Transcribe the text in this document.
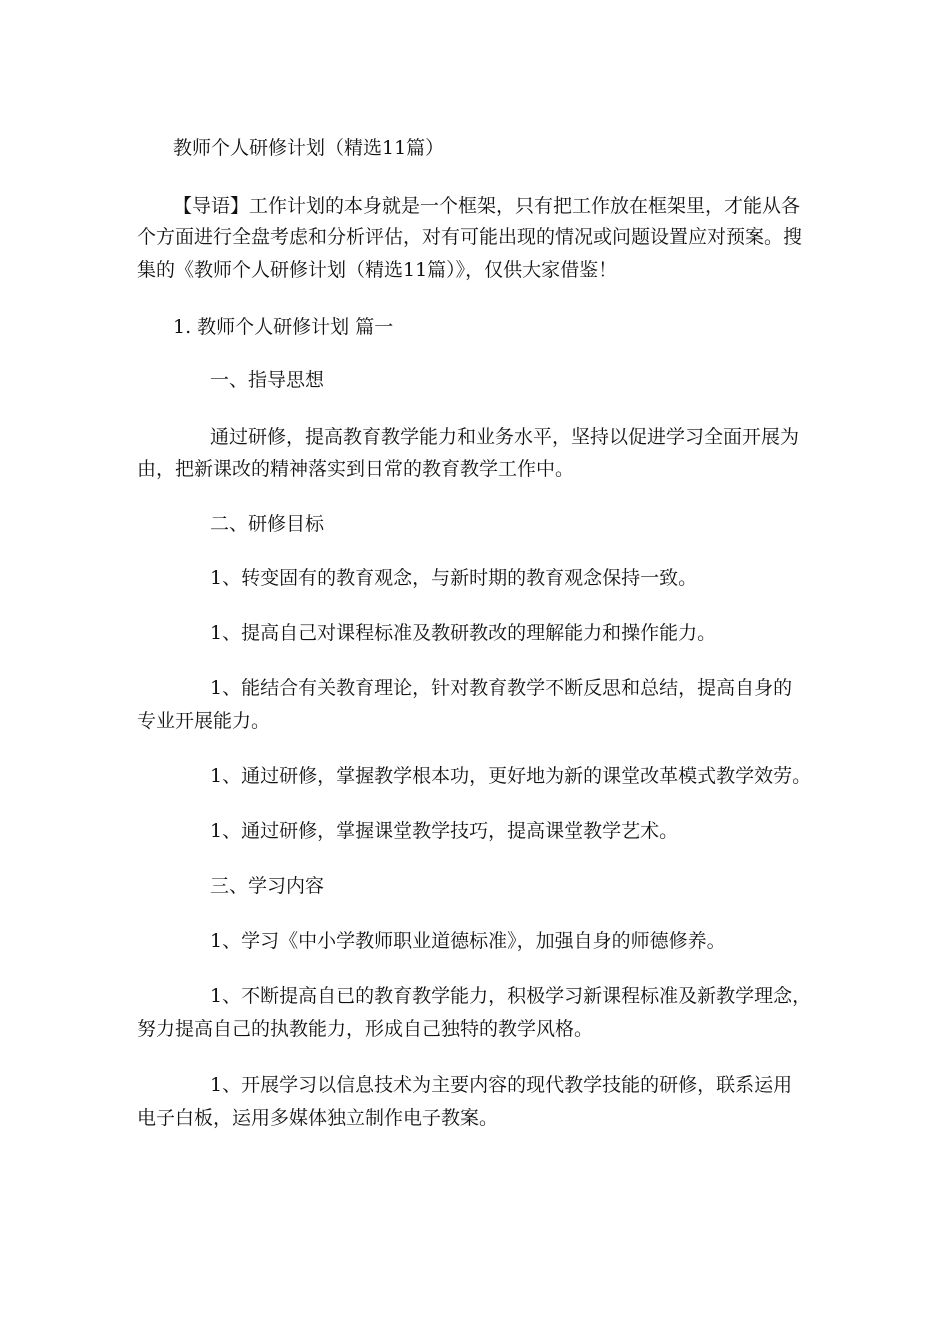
教师个人研修计划（精选11篇）
【导语】工作计划的本身就是一个框架，只有把工作放在框架里，才能从各
个方面进行全盘考虑和分析评估，对有可能出现的情况或问题设置应对预案。搜
集的《教师个人研修计划（精选11篇）》，仅供大家借鉴！
1. 教师个人研修计划 篇一
一、指导思想
通过研修，提高教育教学能力和业务水平，坚持以促进学习全面开展为
由，把新课改的精神落实到日常的教育教学工作中。
二、研修目标
1、转变固有的教育观念，与新时期的教育观念保持一致。
1、提高自己对课程标准及教研教改的理解能力和操作能力。
1、能结合有关教育理论，针对教育教学不断反思和总结，提高自身的
专业开展能力。
1、通过研修，掌握教学根本功，更好地为新的课堂改革模式教学效劳。
1、通过研修，掌握课堂教学技巧，提高课堂教学艺术。
三、学习内容
1、学习《中小学教师职业道德标准》，加强自身的师德修养。
1、不断提高自已的教育教学能力，积极学习新课程标准及新教学理念，
努力提高自己的执教能力，形成自己独特的教学风格。
1、开展学习以信息技术为主要内容的现代教学技能的研修，联系运用
电子白板，运用多媒体独立制作电子教案。
